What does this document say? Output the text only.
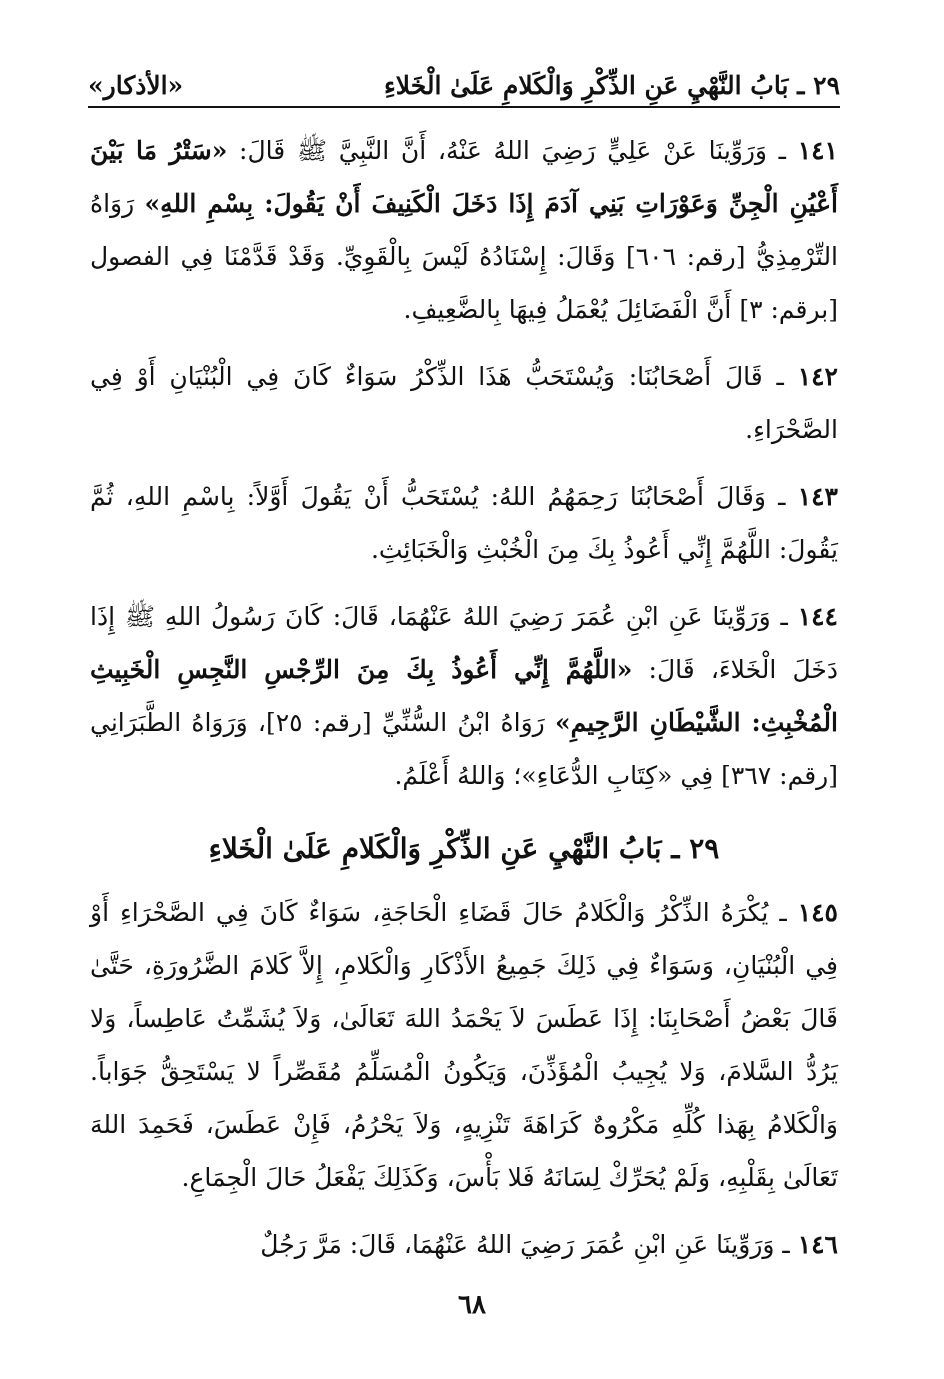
٢٩ ـ بَابُ النَّهْيِ عَنِ الذِّكْرِ وَالْكَلامِ عَلَىٰ الْخَلاءِ
«الأذكار»

١٤١ ـ وَرَوِّينَا عَنْ عَلِيٍّ رَضِيَ اللهُ عَنْهُ، أَنَّ النَّبِيَّ ﷺ قَالَ: «سَتْرُ مَا بَيْنَ أَعْيُنِ الْجِنِّ وَعَوْرَاتِ بَنِي آدَمَ إِذَا دَخَلَ الْكَنِيفَ أَنْ يَقُولَ: بِسْمِ اللهِ» رَوَاهُ التِّرْمِذِيُّ [رقم: ٦٠٦] وَقَالَ: إِسْنَادُهُ لَيْسَ بِالْقَوِيِّ. وَقَدْ قَدَّمْنَا فِي الفصول [برقم: ٣] أَنَّ الْفَضَائِلَ يُعْمَلُ فِيهَا بِالضَّعِيفِ.

١٤٢ ـ قَالَ أَصْحَابُنَا: وَيُسْتَحَبُّ هَذَا الذِّكْرُ سَوَاءٌ كَانَ فِي الْبُنْيَانِ أَوْ فِي الصَّحْرَاءِ.

١٤٣ ـ وَقَالَ أَصْحَابُنَا رَحِمَهُمُ اللهُ: يُسْتَحَبُّ أَنْ يَقُولَ أَوَّلاً: بِاسْمِ اللهِ، ثُمَّ يَقُولَ: اللَّهُمَّ إِنِّي أَعُوذُ بِكَ مِنَ الْخُبْثِ وَالْخَبَائِثِ.

١٤٤ ـ وَرَوِّينَا عَنِ ابْنِ عُمَرَ رَضِيَ اللهُ عَنْهُمَا، قَالَ: كَانَ رَسُولُ اللهِ ﷺ إِذَا دَخَلَ الْخَلاءَ، قَالَ: «اللَّهُمَّ إِنِّي أَعُوذُ بِكَ مِنَ الرِّجْسِ النَّجِسِ الْخَبِيثِ الْمُخْبِثِ: الشَّيْطَانِ الرَّجِيمِ» رَوَاهُ ابْنُ السُّنِّيِّ [رقم: ٢٥]، وَرَوَاهُ الطَّبَرَانِي [رقم: ٣٦٧] فِي «كِتَابِ الدُّعَاءِ»؛ وَاللهُ أَعْلَمُ.

٢٩ ـ بَابُ النَّهْيِ عَنِ الذِّكْرِ وَالْكَلامِ عَلَىٰ الْخَلاءِ

١٤٥ ـ يُكْرَهُ الذِّكْرُ وَالْكَلامُ حَالَ قَضَاءِ الْحَاجَةِ، سَوَاءٌ كَانَ فِي الصَّحْرَاءِ أَوْ فِي الْبُنْيَانِ، وَسَوَاءٌ فِي ذَلِكَ جَمِيعُ الأَذْكَارِ وَالْكَلامِ، إِلاَّ كَلامَ الضَّرُورَةِ، حَتَّىٰ قَالَ بَعْضُ أَصْحَابِنَا: إِذَا عَطَسَ لاَ يَحْمَدُ اللهَ تَعَالَىٰ، وَلاَ يُشَمِّتُ عَاطِساً، وَلا يَرُدُّ السَّلامَ، وَلا يُجِيبُ الْمُؤَذِّنَ، وَيَكُونُ الْمُسَلِّمُ مُقَصِّراً لا يَسْتَحِقُّ جَوَاباً. وَالْكَلامُ بِهَذا كُلِّهِ مَكْرُوهٌ كَرَاهَةَ تَنْزِيهٍ، وَلاَ يَحْرُمُ، فَإِنْ عَطَسَ، فَحَمِدَ اللهَ تَعَالَىٰ بِقَلْبِهِ، وَلَمْ يُحَرِّكْ لِسَانَهُ فَلا بَأْسَ، وَكَذَلِكَ يَفْعَلُ حَالَ الْجِمَاعِ.

١٤٦ ـ وَرَوِّينَا عَنِ ابْنِ عُمَرَ رَضِيَ اللهُ عَنْهُمَا، قَالَ: مَرَّ رَجُلٌ

٦٨
